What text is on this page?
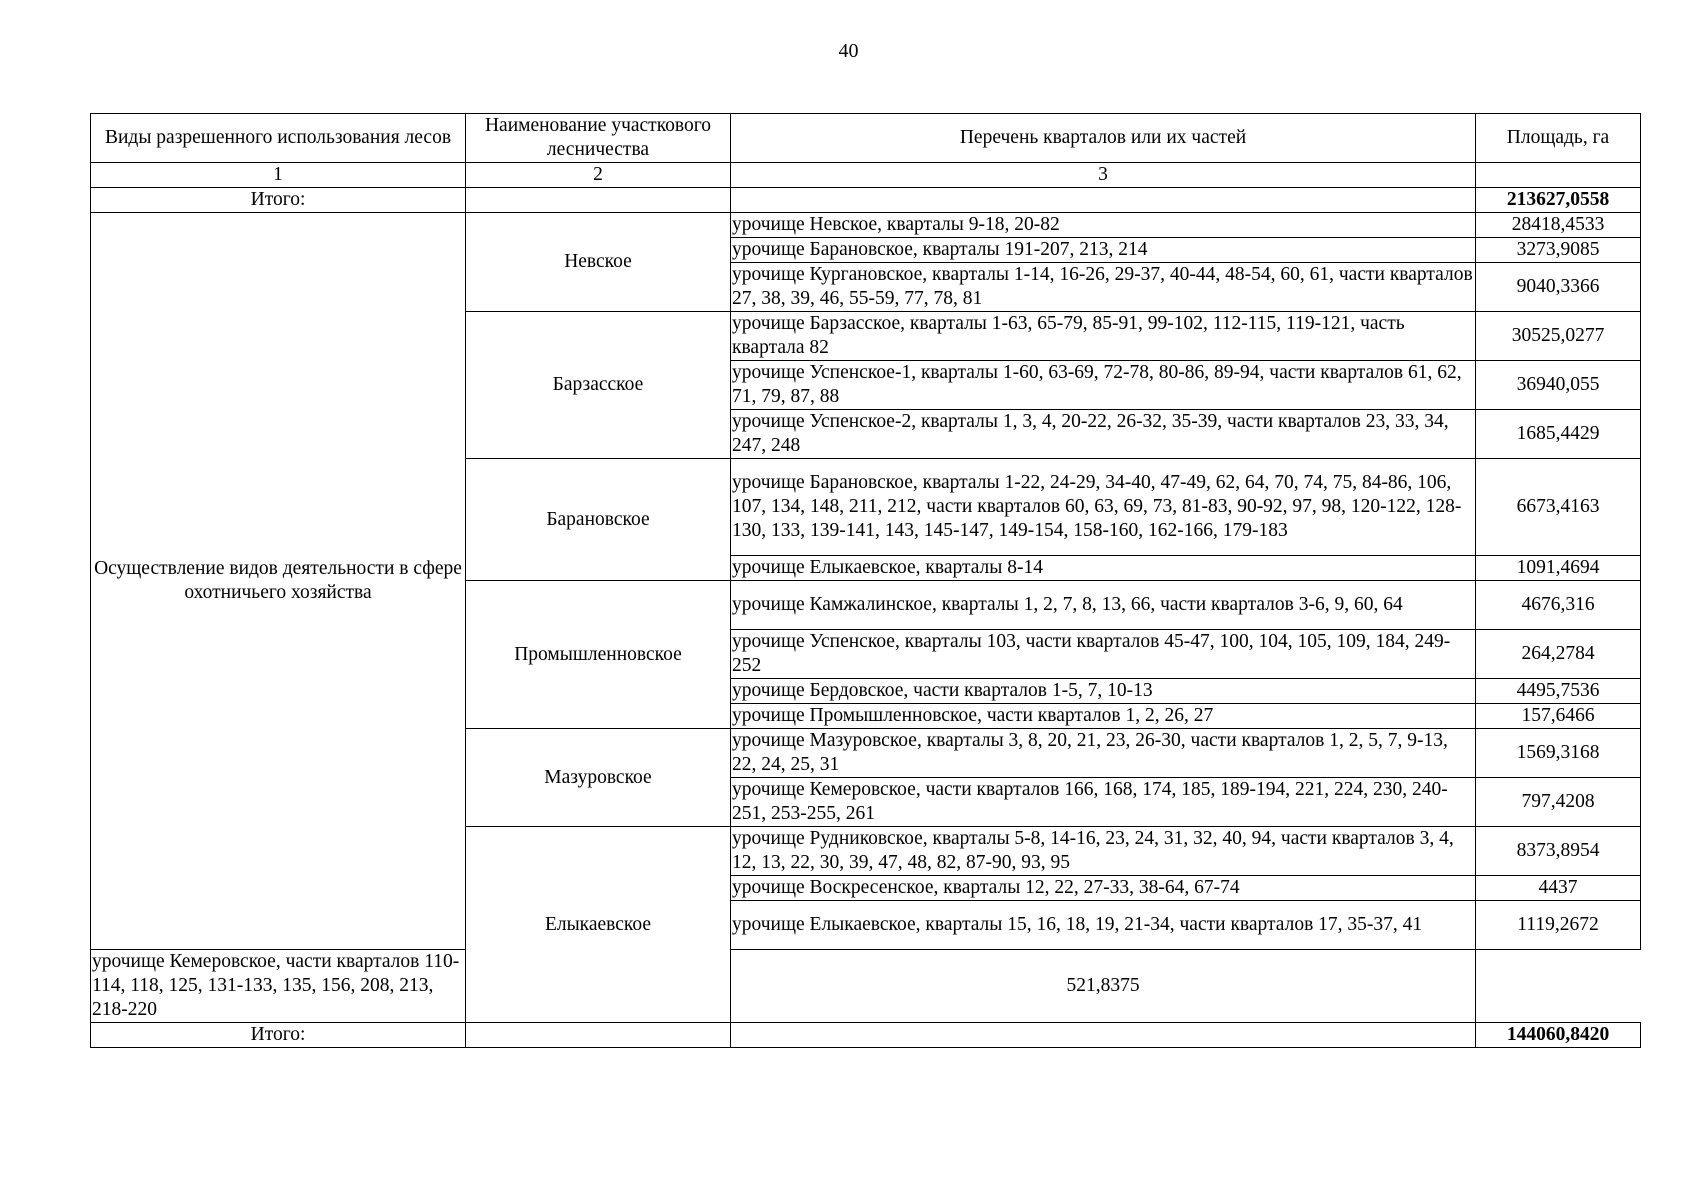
40
Виды разрешенного использования лесов	Наименование участкового лесничества	Перечень кварталов или их частей	Площадь, га
1	2	3	
Итого:			213627,0558
Осуществление видов деятельности в сфере охотничьего хозяйства	Невское	урочище Невское, кварталы 9-18, 20-82	28418,4533
		урочище Барановское, кварталы 191-207, 213, 214	3273,9085
		урочище Кургановское, кварталы 1-14, 16-26, 29-37, 40-44, 48-54, 60, 61, части кварталов 27, 38, 39, 46, 55-59, 77, 78, 81	9040,3366
	Барзасское	урочище Барзасское, кварталы 1-63, 65-79, 85-91, 99-102, 112-115, 119-121, часть квартала 82	30525,0277
		урочище Успенское-1, кварталы 1-60, 63-69, 72-78, 80-86, 89-94, части кварталов 61, 62, 71, 79, 87, 88	36940,055
		урочище Успенское-2, кварталы 1, 3, 4, 20-22, 26-32, 35-39, части кварталов 23, 33, 34, 247, 248	1685,4429
	Барановское	урочище Барановское, кварталы 1-22, 24-29, 34-40, 47-49, 62, 64, 70, 74, 75, 84-86, 106, 107, 134, 148, 211, 212, части кварталов 60, 63, 69, 73, 81-83, 90-92, 97, 98, 120-122, 128-130, 133, 139-141, 143, 145-147, 149-154, 158-160, 162-166, 179-183	6673,4163
		урочище Елыкаевское, кварталы 8-14	1091,4694
	Промышленновское	урочище Камжалинское, кварталы 1, 2, 7, 8, 13, 66, части кварталов 3-6, 9, 60, 64	4676,316
		урочище Успенское, кварталы 103, части кварталов 45-47, 100, 104, 105, 109, 184, 249-252	264,2784
		урочище Бердовское, части кварталов 1-5, 7, 10-13	4495,7536
		урочище Промышленновское, части кварталов 1, 2, 26, 27	157,6466
	Мазуровское	урочище Мазуровское, кварталы 3, 8, 20, 21, 23, 26-30, части кварталов 1, 2, 5, 7, 9-13, 22, 24, 25, 31	1569,3168
		урочище Кемеровское, части кварталов 166, 168, 174, 185, 189-194, 221, 224, 230, 240-251, 253-255, 261	797,4208
	Елыкаевское	урочище Рудниковское, кварталы 5-8, 14-16, 23, 24, 31, 32, 40, 94, части кварталов 3, 4, 12, 13, 22, 30, 39, 47, 48, 82, 87-90, 93, 95	8373,8954
		урочище Воскресенское, кварталы 12, 22, 27-33, 38-64, 67-74	4437
		урочище Елыкаевское, кварталы 15, 16, 18, 19, 21-34, части кварталов 17, 35-37, 41	1119,2672
урочище Кемеровское, части кварталов 110-114, 118, 125, 131-133, 135, 156, 208, 213, 218-220		521,8375	
Итого:			144060,8420
